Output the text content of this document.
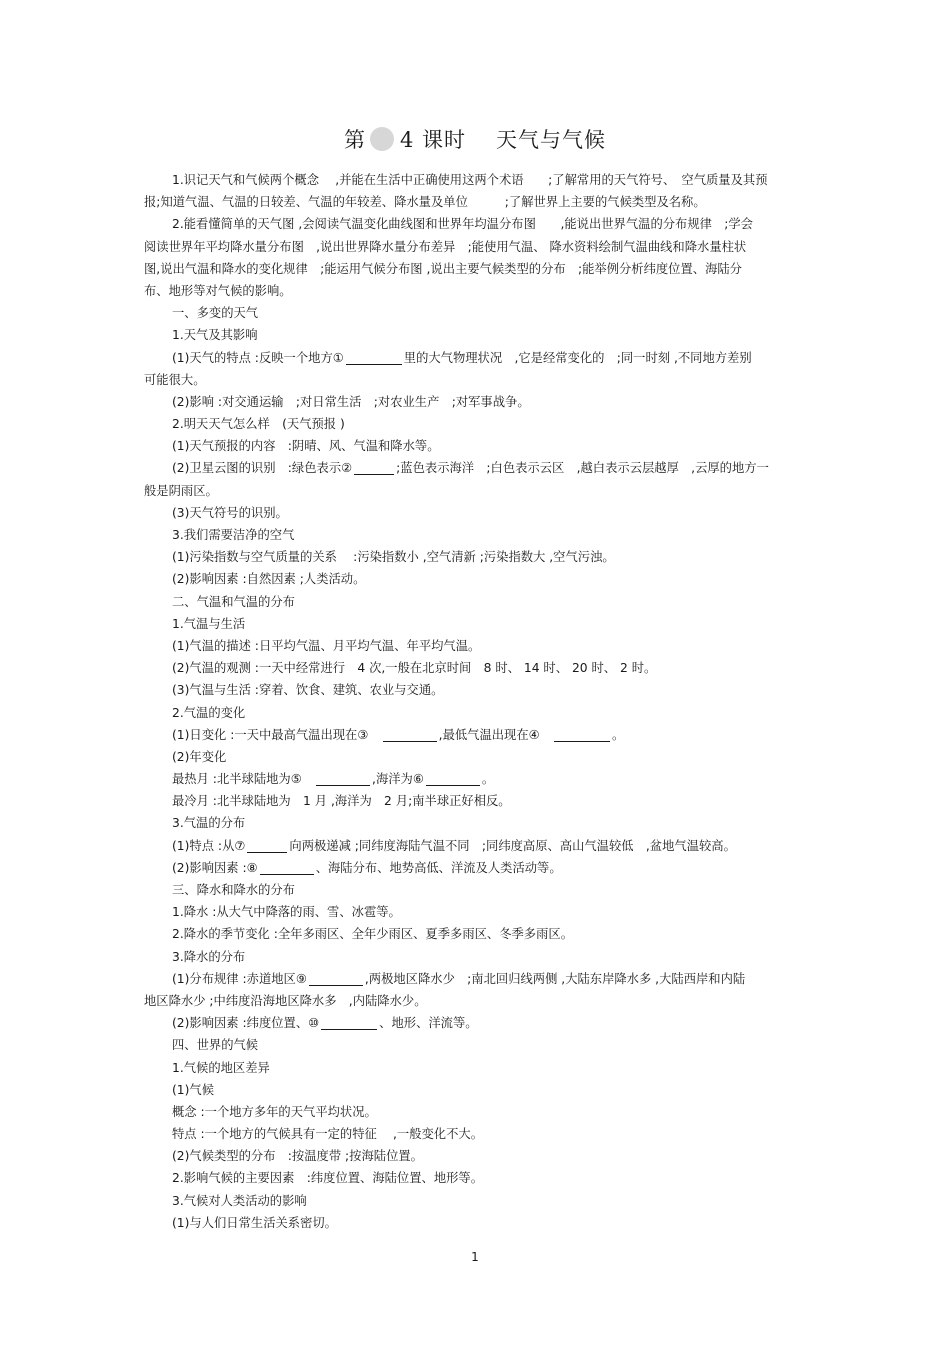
第 4 课时 天气与气候
1.识记天气和气候两个概念　 ,并能在生活中正确使用这两个术语　　;了解常用的天气符号、　空气质量及其预
报;知道气温、气温的日较差、气温的年较差、降水量及单位　　　;了解世界上主要的气候类型及名称。
2.能看懂简单的天气图 ,会阅读气温变化曲线图和世界年均温分布图　　,能说出世界气温的分布规律　;学会
阅读世界年平均降水量分布图　,说出世界降水量分布差异　;能使用气温、 降水资料绘制气温曲线和降水量柱状
图,说出气温和降水的变化规律　;能运用气候分布图 ,说出主要气候类型的分布　;能举例分析纬度位置、海陆分
布、地形等对气候的影响。
一、多变的天气
1.天气及其影响
(1)天气的特点 :反映一个地方①	里的大气物理状况　,它是经常变化的　;同一时刻 ,不同地方差别
可能很大。
(2)影响 :对交通运输　;对日常生活　;对农业生产　;对军事战争。
2.明天天气怎么样　(天气预报 )
(1)天气预报的内容　:阴晴、风、气温和降水等。
(2)卫星云图的识别　:绿色表示②	;蓝色表示海洋　;白色表示云区　,越白表示云层越厚　,云厚的地方一
般是阴雨区。
(3)天气符号的识别。
3.我们需要洁净的空气
(1)污染指数与空气质量的关系　 :污染指数小 ,空气清新 ;污染指数大 ,空气污浊。
(2)影响因素 :自然因素 ;人类活动。
二、气温和气温的分布
1.气温与生活
(1)气温的描述 :日平均气温、月平均气温、年平均气温。
(2)气温的观测 :一天中经常进行　4 次,一般在北京时间　8 时、 14 时、 20 时、 2 时。
(3)气温与生活 :穿着、饮食、建筑、农业与交通。
2.气温的变化
(1)日变化 :一天中最高气温出现在③　	,最低气温出现在④　	。
(2)年变化
最热月 :北半球陆地为⑤　	,海洋为⑥	。
最冷月 :北半球陆地为　1 月 ,海洋为　2 月;南半球正好相反。
3.气温的分布
(1)特点 :从⑦	向两极递减 ;同纬度海陆气温不同　;同纬度高原、高山气温较低　,盆地气温较高。
(2)影响因素 :⑧	、海陆分布、地势高低、洋流及人类活动等。
三、降水和降水的分布
1.降水 :从大气中降落的雨、雪、冰雹等。
2.降水的季节变化 :全年多雨区、全年少雨区、夏季多雨区、冬季多雨区。
3.降水的分布
(1)分布规律 :赤道地区⑨	,两极地区降水少　;南北回归线两侧 ,大陆东岸降水多 ,大陆西岸和内陆
地区降水少 ;中纬度沿海地区降水多　,内陆降水少。
(2)影响因素 :纬度位置、⑩	、地形、洋流等。
四、世界的气候
1.气候的地区差异
(1)气候
概念 :一个地方多年的天气平均状况。
特点 :一个地方的气候具有一定的特征　 ,一般变化不大。
(2)气候类型的分布　:按温度带 ;按海陆位置。
2.影响气候的主要因素　:纬度位置、海陆位置、地形等。
3.气候对人类活动的影响
(1)与人们日常生活关系密切。
1
